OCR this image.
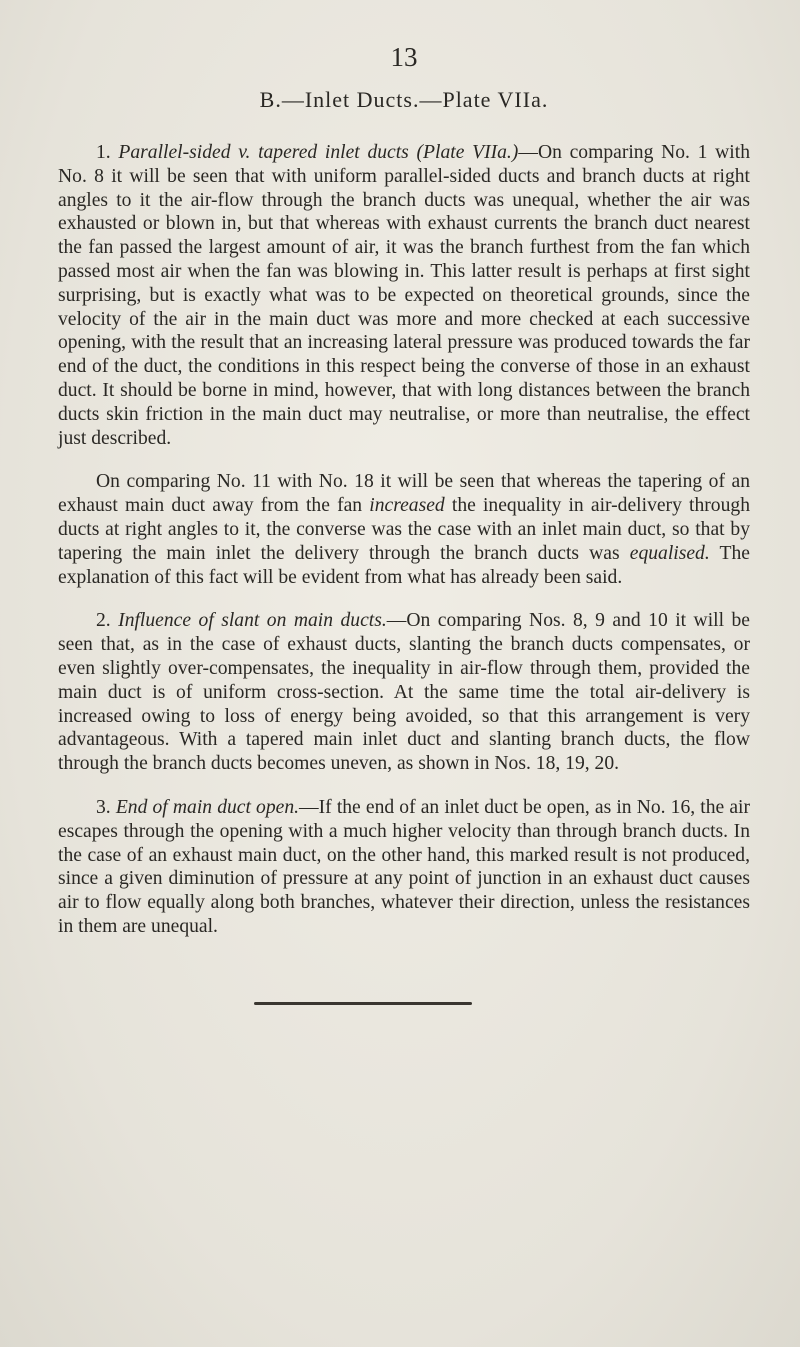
13
B.—Inlet Ducts.—Plate VIIa.

1. Parallel-sided v. tapered inlet ducts (Plate VIIa.)—On comparing No. 1 with No. 8 it will be seen that with uniform parallel-sided ducts and branch ducts at right angles to it the air-flow through the branch ducts was unequal, whether the air was exhausted or blown in, but that whereas with exhaust currents the branch duct nearest the fan passed the largest amount of air, it was the branch furthest from the fan which passed most air when the fan was blowing in. This latter result is perhaps at first sight surprising, but is exactly what was to be expected on theoretical grounds, since the velocity of the air in the main duct was more and more checked at each successive opening, with the result that an increasing lateral pressure was produced towards the far end of the duct, the conditions in this respect being the converse of those in an exhaust duct. It should be borne in mind, however, that with long distances between the branch ducts skin friction in the main duct may neutralise, or more than neutralise, the effect just described.

On comparing No. 11 with No. 18 it will be seen that whereas the tapering of an exhaust main duct away from the fan increased the inequality in air-delivery through ducts at right angles to it, the converse was the case with an inlet main duct, so that by tapering the main inlet the delivery through the branch ducts was equalised. The explanation of this fact will be evident from what has already been said.

2. Influence of slant on main ducts.—On comparing Nos. 8, 9 and 10 it will be seen that, as in the case of exhaust ducts, slanting the branch ducts compensates, or even slightly over-compensates, the inequality in air-flow through them, provided the main duct is of uniform cross-section. At the same time the total air-delivery is increased owing to loss of energy being avoided, so that this arrangement is very advantageous. With a tapered main inlet duct and slanting branch ducts, the flow through the branch ducts becomes uneven, as shown in Nos. 18, 19, 20.

3. End of main duct open.—If the end of an inlet duct be open, as in No. 16, the air escapes through the opening with a much higher velocity than through branch ducts. In the case of an exhaust main duct, on the other hand, this marked result is not produced, since a given diminution of pressure at any point of junction in an exhaust duct causes air to flow equally along both branches, whatever their direction, unless the resistances in them are unequal.
